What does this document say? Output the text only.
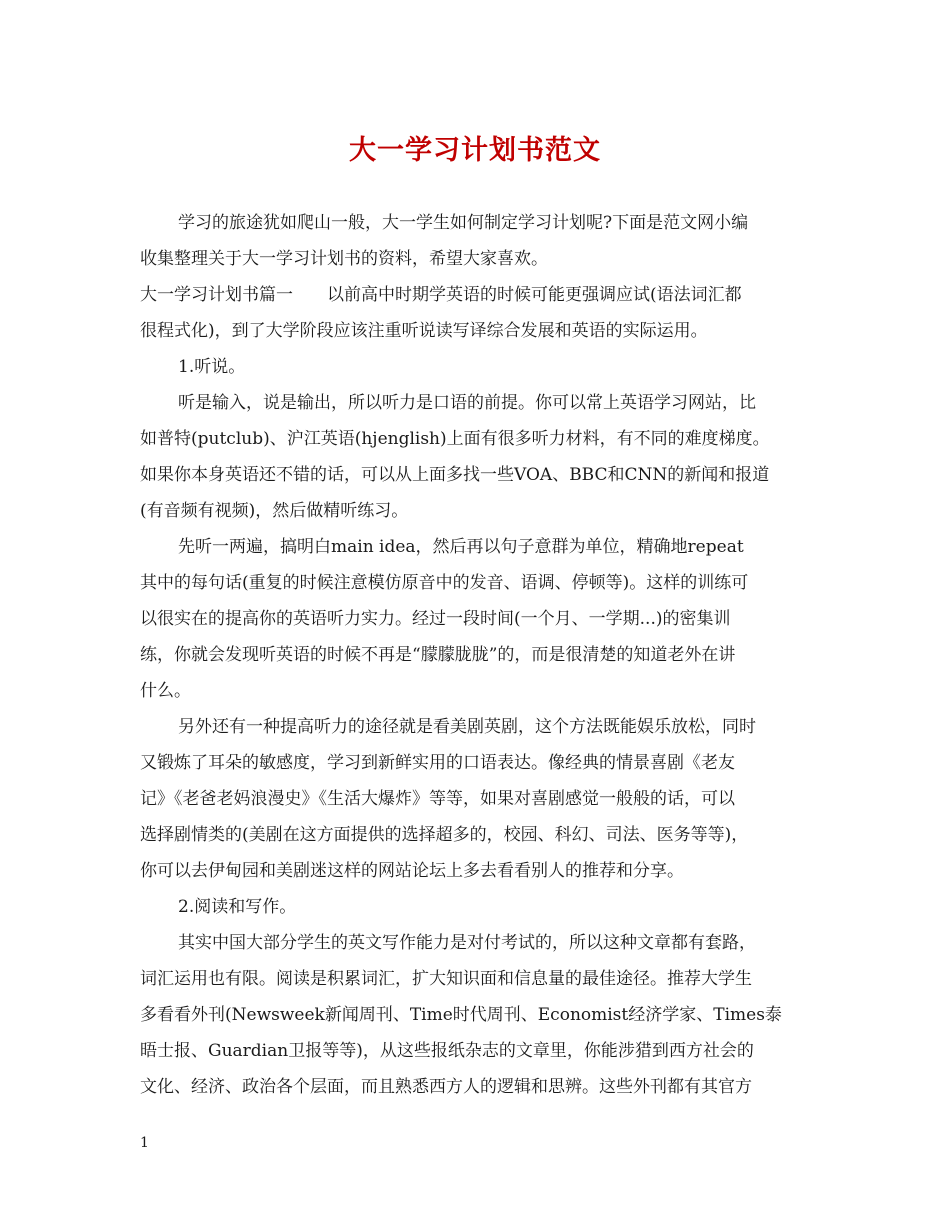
大一学习计划书范文
学习的旅途犹如爬山一般，大一学生如何制定学习计划呢?下面是范文网小编
收集整理关于大一学习计划书的资料，希望大家喜欢。
大一学习计划书篇一　　以前高中时期学英语的时候可能更强调应试(语法词汇都
很程式化)，到了大学阶段应该注重听说读写译综合发展和英语的实际运用。
1.听说。
听是输入，说是输出，所以听力是口语的前提。你可以常上英语学习网站，比
如普特(putclub)、沪江英语(hjenglish)上面有很多听力材料，有不同的难度梯度。
如果你本身英语还不错的话，可以从上面多找一些VOA、BBC和CNN的新闻和报道
(有音频有视频)，然后做精听练习。
先听一两遍，搞明白main idea，然后再以句子意群为单位，精确地repeat
其中的每句话(重复的时候注意模仿原音中的发音、语调、停顿等)。这样的训练可
以很实在的提高你的英语听力实力。经过一段时间(一个月、一学期...)的密集训
练，你就会发现听英语的时候不再是“朦朦胧胧”的，而是很清楚的知道老外在讲
什么。
另外还有一种提高听力的途径就是看美剧英剧，这个方法既能娱乐放松，同时
又锻炼了耳朵的敏感度，学习到新鲜实用的口语表达。像经典的情景喜剧《老友
记》《老爸老妈浪漫史》《生活大爆炸》等等，如果对喜剧感觉一般般的话，可以
选择剧情类的(美剧在这方面提供的选择超多的，校园、科幻、司法、医务等等)，
你可以去伊甸园和美剧迷这样的网站论坛上多去看看别人的推荐和分享。
2.阅读和写作。
其实中国大部分学生的英文写作能力是对付考试的，所以这种文章都有套路，
词汇运用也有限。阅读是积累词汇，扩大知识面和信息量的最佳途径。推荐大学生
多看看外刊(Newsweek新闻周刊、Time时代周刊、Economist经济学家、Times泰
晤士报、Guardian卫报等等)，从这些报纸杂志的文章里，你能涉猎到西方社会的
文化、经济、政治各个层面，而且熟悉西方人的逻辑和思辨。这些外刊都有其官方
1
